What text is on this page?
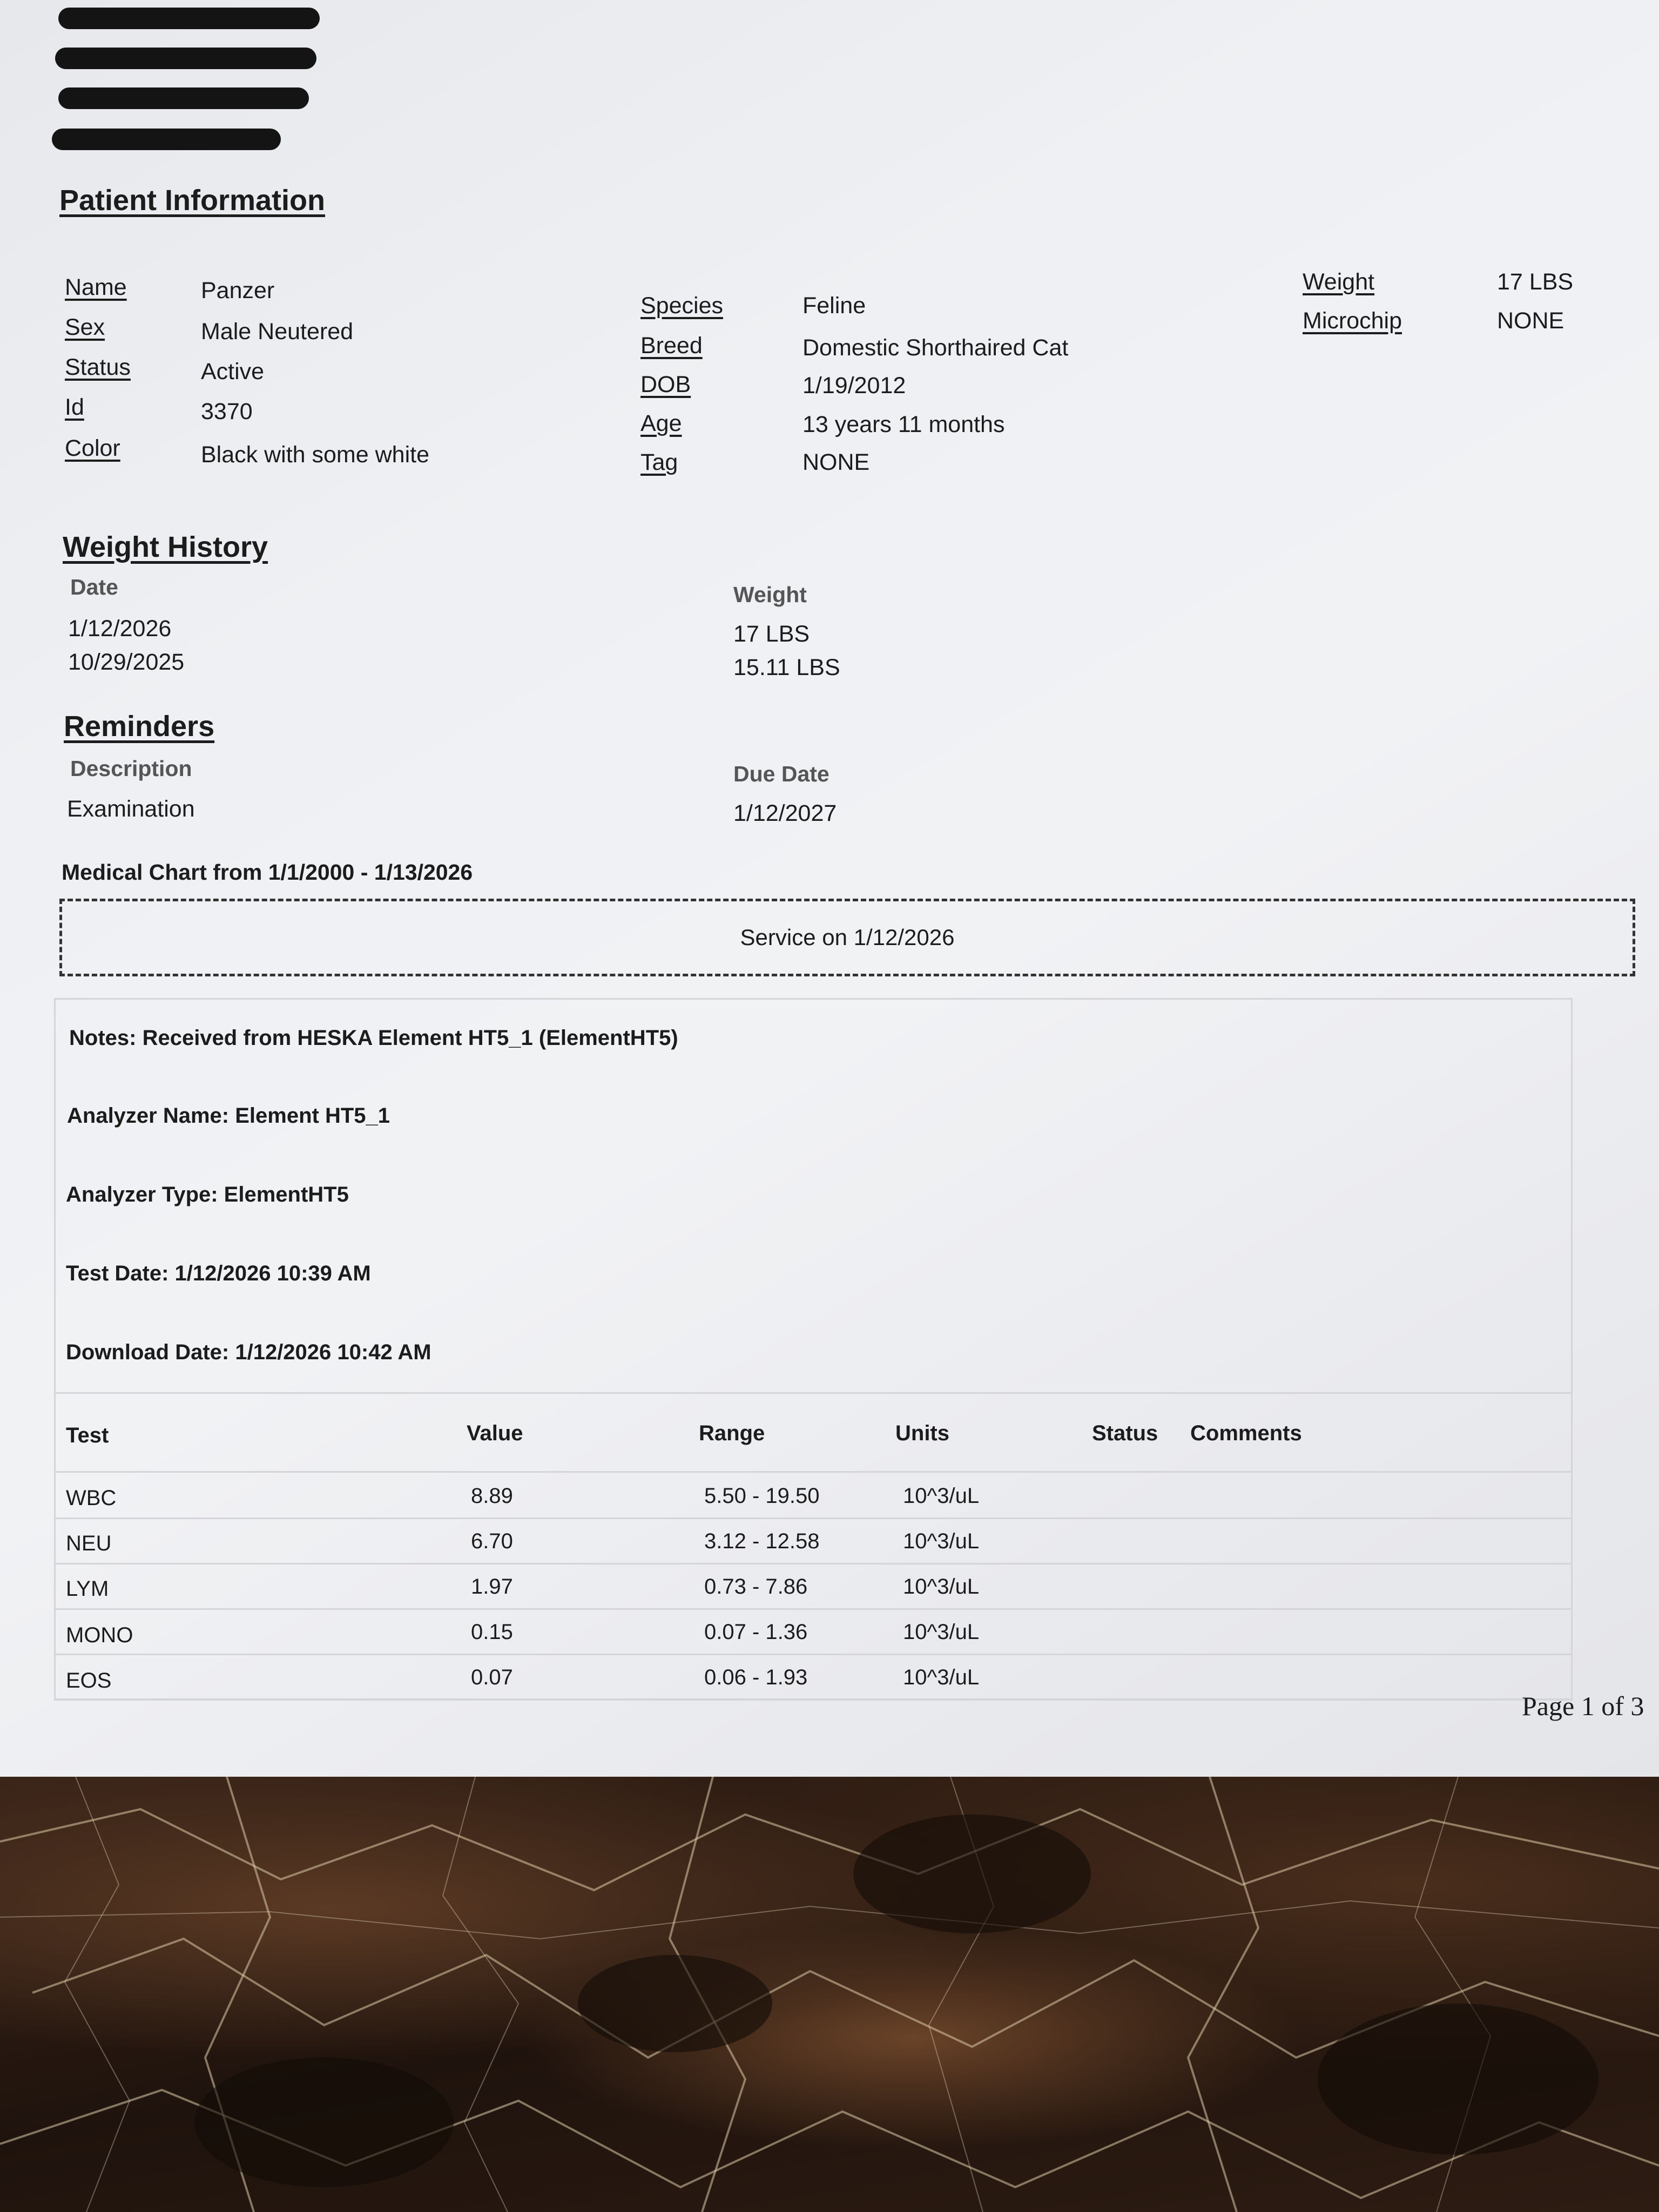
Patient Information
Name	Panzer
Sex	Male Neutered
Status	Active
Id	3370
Color	Black with some white
Species	Feline
Breed	Domestic Shorthaired Cat
DOB	1/19/2012
Age	13 years 11 months
Tag	NONE
Weight	17 LBS
Microchip	NONE
Weight History
Date	Weight
1/12/2026	17 LBS
10/29/2025	15.11 LBS
Reminders
Description	Due Date
Examination	1/12/2027
Medical Chart from 1/1/2000 - 1/13/2026
Service on 1/12/2026
Notes: Received from HESKA Element HT5_1 (ElementHT5)
Analyzer Name: Element HT5_1
Analyzer Type: ElementHT5
Test Date: 1/12/2026 10:39 AM
Download Date: 1/12/2026 10:42 AM
Test	Value	Range	Units	Status Comments
WBC	8.89	5.50 - 19.50	10^3/uL
NEU	6.70	3.12 - 12.58	10^3/uL
LYM	1.97	0.73 - 7.86	10^3/uL
MONO	0.15	0.07 - 1.36	10^3/uL
EOS	0.07	0.06 - 1.93	10^3/uL
Page 1 of 3
